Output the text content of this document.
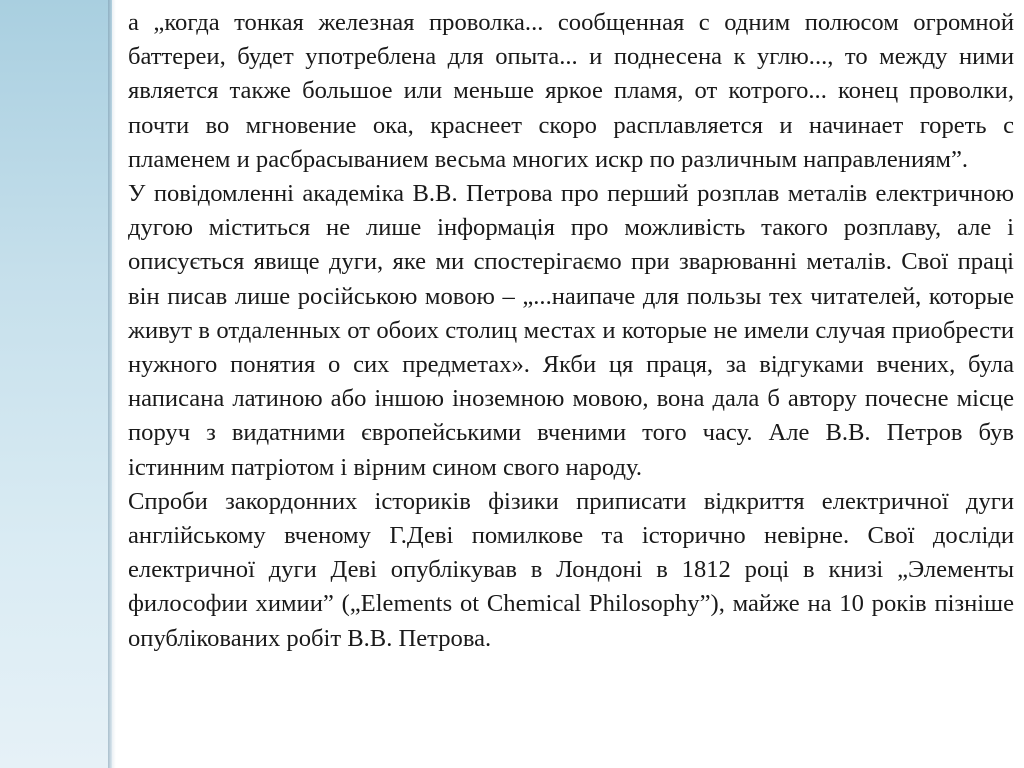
а „когда тонкая железная проволка... сообщенная с одним полюсом огромной баттереи, будет употреблена для опыта... и поднесена к углю..., то между ними является также большое или меньше яркое пламя, от котрого... конец проволки, почти во мгновение ока, краснеет скоро расплавляется и начинает гореть с пламенем и расбрасыванием весьма многих искр по различным направлениям”.

У повідомленні академіка В.В. Петрова про перший розплав металів електричною дугою міститься не лише інформація про можливість такого розплаву, але і описується явище дуги, яке ми спостерігаємо при зварюванні металів. Свої праці він писав лише російською мовою – „...наипаче для пользы тех читателей, которые живут в отдаленных от обоих столиц местах и которые не имели случая приобрести нужного понятия о сих предметах». Якби ця праця, за відгуками вчених, була написана латиною або іншою іноземною мовою, вона дала б автору почесне місце поруч з видатними європейськими вченими того часу. Але В.В. Петров був істинним патріотом і вірним сином свого народу.

Спроби закордонних істориків фізики приписати відкриття електричної дуги англійському вченому Г.Деві помилкове та історично невірне. Свої досліди електричної дуги Деві опублікував в Лондоні в 1812 році в книзі „Элементы философии химии” („Elements ot Chemical Philosophy”), майже на 10 років пізніше опублікованих робіт В.В. Петрова.
